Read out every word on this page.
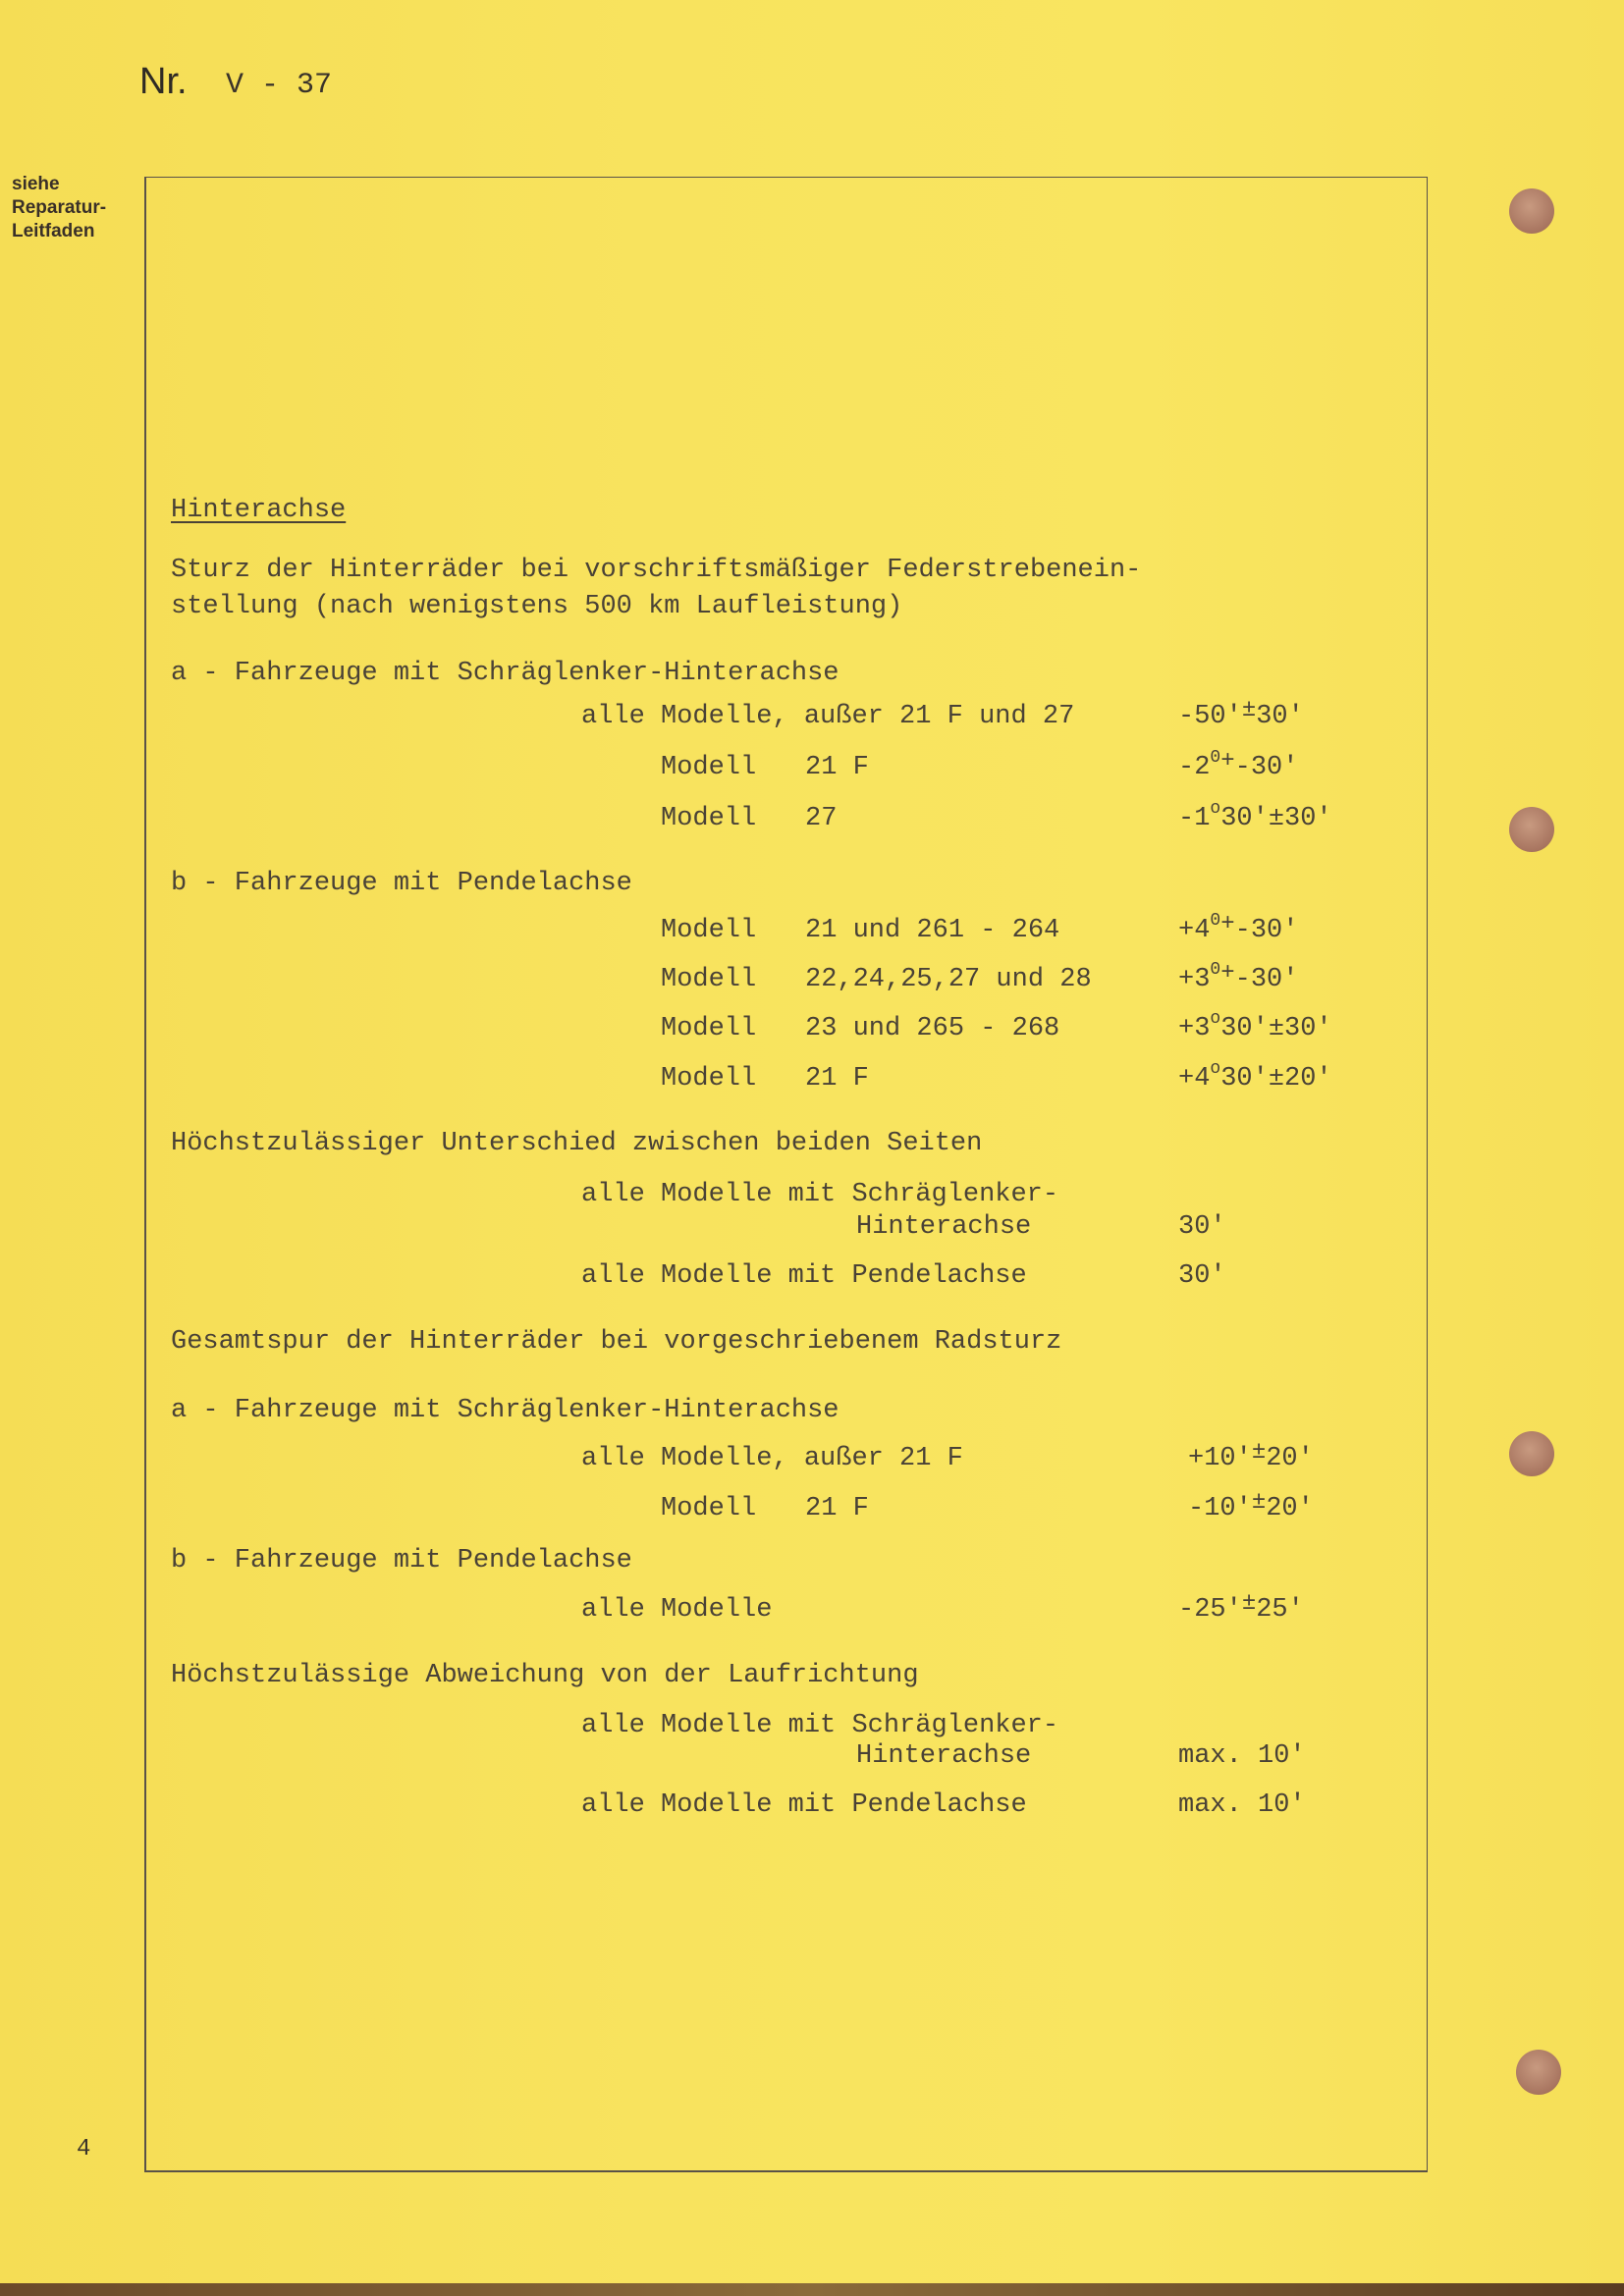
Nr. V - 37
siehe
Reparatur-
Leitfaden
Hinterachse
Sturz der Hinterräder bei vorschriftsmäßiger Federstrebenein-
stellung (nach wenigstens 500 km Laufleistung)
a - Fahrzeuge mit Schräglenker-Hinterachse
alle Modelle, außer 21 F und 27	-50'±30'
Modell 21 F	$-2^0+-30'$
Modell 27	$-1^o30'\pm 30'$
b - Fahrzeuge mit Pendelachse
Modell 21 und 261 - 264	$+4^0+-30'$
Modell 22,24,25,27 und 28	$+3^0+-30'$
Modell 23 und 265 - 268	$+3^o30'\pm 30'$
Modell 21 F	$+4^o30'\pm 20'$
Höchstzulässiger Unterschied zwischen beiden Seiten
alle Modelle mit Schräglenker-
Hinterachse	30'
alle Modelle mit Pendelachse	30'
Gesamtspur der Hinterräder bei vorgeschriebenem Radsturz
a - Fahrzeuge mit Schräglenker-Hinterachse
alle Modelle, außer 21 F	+10'±20'
Modell 21 F	-10'±20'
b - Fahrzeuge mit Pendelachse
alle Modelle	-25'±25'
Höchstzulässige Abweichung von der Laufrichtung
alle Modelle mit Schräglenker-
Hinterachse	max. 10'
alle Modelle mit Pendelachse	max. 10'
4
